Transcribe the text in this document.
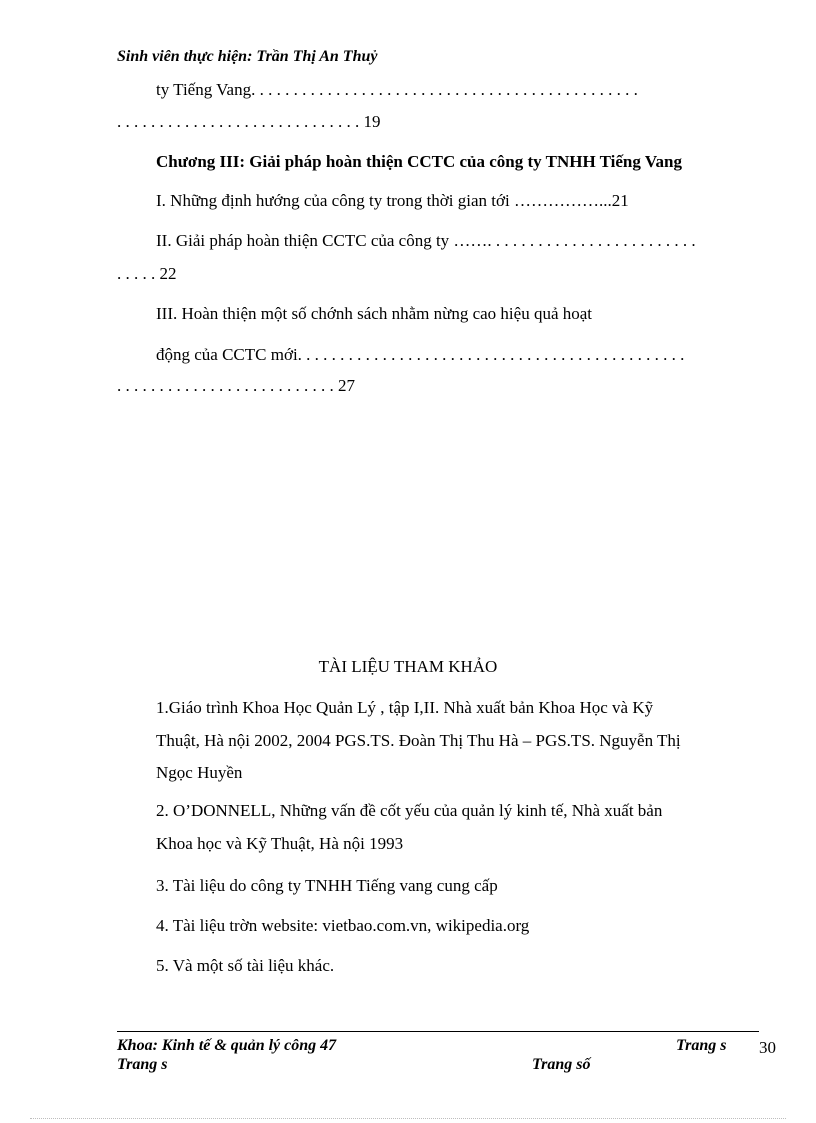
Sinh viên thực hiện: Trần Thị An Thuỷ
ty Tiếng Vang. . . . . . . . . . . . . . . . . . . . . . . . . . . . . . . . . . . . . . . . . . . . . .
. . . . . . . . . . . . . . . . . . . . . . . . . . . . . 19
Chương III: Giải pháp hoàn thiện CCTC của công ty TNHH Tiếng Vang
I. Những định hướng của công ty trong thời gian tới ……………...21
II. Giải pháp hoàn thiện CCTC của công ty ……. . . . . . . . . . . . . . . . . . . . . . . . .
. . . . . 22
III. Hoàn thiện một số chớnh sách nhằm nừng cao hiệu quả hoạt
động của CCTC mới. . . . . . . . . . . . . . . . . . . . . . . . . . . . . . . . . . . . . . . . . . . . . .
. . . . . . . . . . . . . . . . . . . . . . . . . . 27
TÀI LIỆU THAM KHẢO
1.Giáo trình Khoa Học Quản Lý , tập I,II. Nhà xuất bản Khoa Học và Kỹ
Thuật, Hà nội 2002, 2004 PGS.TS. Đoàn Thị Thu Hà – PGS.TS. Nguyễn Thị
Ngọc Huyền
2. O’DONNELL, Những vấn đề cốt yếu của quản lý kinh tế, Nhà xuất bản
Khoa học và Kỹ Thuật, Hà nội 1993
3. Tài liệu do công ty TNHH Tiếng vang cung cấp
4. Tài liệu trờn website: vietbao.com.vn, wikipedia.org
5. Và một số tài liệu khác.
Khoa: Kinh tế & quản lý công 47	Trang s 30
Trang s	Trang số
